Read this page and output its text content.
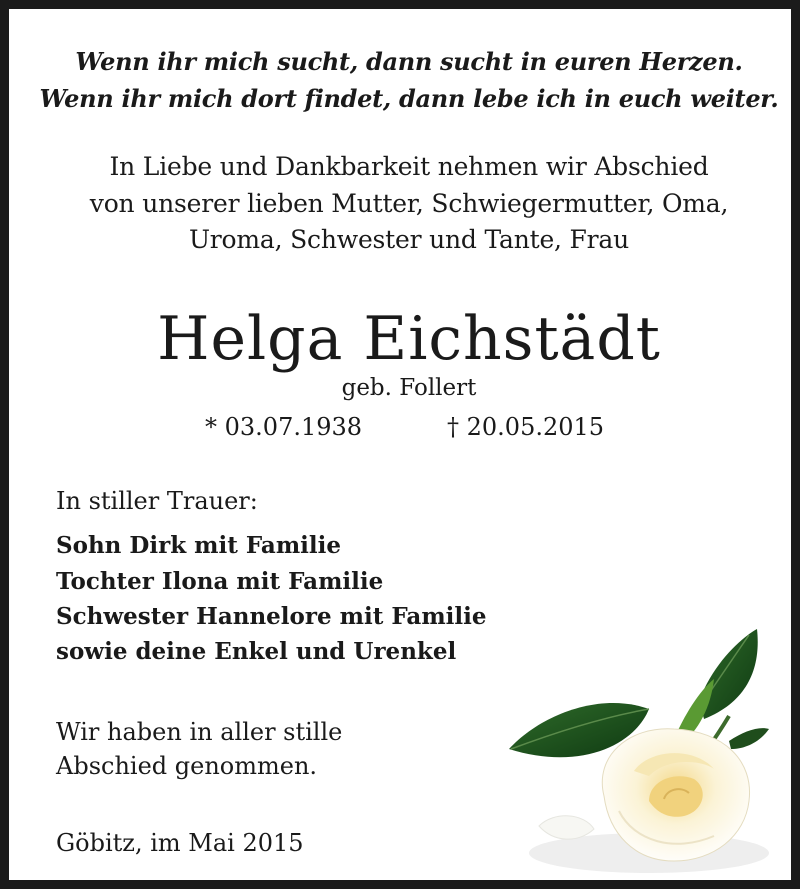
Wenn ihr mich sucht, dann sucht in euren Herzen.
Wenn ihr mich dort findet, dann lebe ich in euch weiter.
In Liebe und Dankbarkeit nehmen wir Abschied
von unserer lieben Mutter, Schwiegermutter, Oma,
Uroma, Schwester und Tante, Frau
Helga Eichstädt
geb. Follert
* 03.07.1938	† 20.05.2015
In stiller Trauer:
Sohn Dirk mit Familie
Tochter Ilona mit Familie
Schwester Hannelore mit Familie
sowie deine Enkel und Urenkel
Wir haben in aller stille
Abschied genommen.
Göbitz, im Mai 2015
